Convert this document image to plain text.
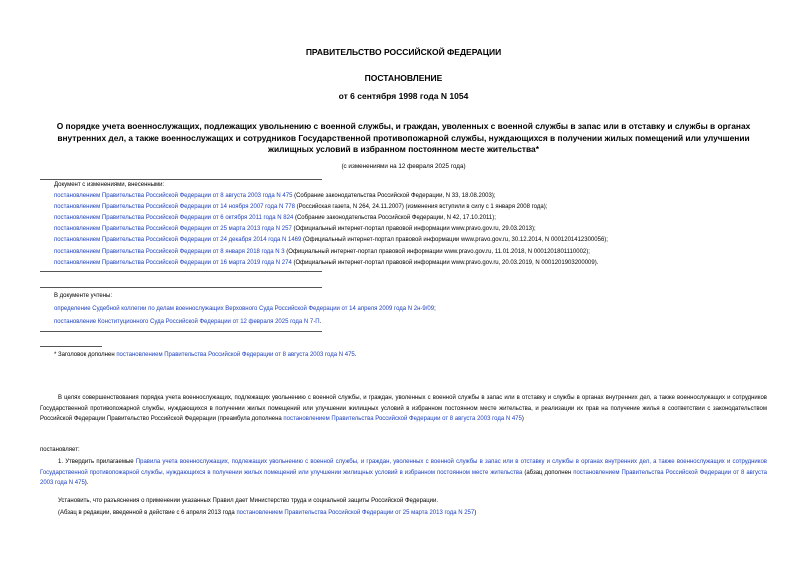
ПРАВИТЕЛЬСТВО РОССИЙСКОЙ ФЕДЕРАЦИИ
ПОСТАНОВЛЕНИЕ
от 6 сентября 1998 года N 1054
О порядке учета военнослужащих, подлежащих увольнению с военной службы, и граждан, уволенных с военной службы в запас или в отставку и службы в органах внутренних дел, а также военнослужащих и сотрудников Государственной противопожарной службы, нуждающихся в получении жилых помещений или улучшении жилищных условий в избранном постоянном месте жительства*
(с изменениями на 12 февраля 2025 года)
Документ с изменениями, внесенными:
постановлением Правительства Российской Федерации от 8 августа 2003 года N 475 (Собрание законодательства Российской Федерации, N 33, 18.08.2003);
постановлением Правительства Российской Федерации от 14 ноября 2007 года N 778 (Российская газета, N 264, 24.11.2007) (изменения вступили в силу с 1 января 2008 года);
постановлением Правительства Российской Федерации от 6 октября 2011 года N 824 (Собрание законодательства Российской Федерации, N 42, 17.10.2011);
постановлением Правительства Российской Федерации от 25 марта 2013 года N 257 (Официальный интернет-портал правовой информации www.pravo.gov.ru, 29.03.2013);
постановлением Правительства Российской Федерации от 24 декабря 2014 года N 1469 (Официальный интернет-портал правовой информации www.pravo.gov.ru, 30.12.2014, N 0001201412300056);
постановлением Правительства Российской Федерации от 8 января 2018 года N 3 (Официальный интернет-портал правовой информации www.pravo.gov.ru, 11.01.2018, N 0001201801110002);
постановлением Правительства Российской Федерации от 16 марта 2019 года N 274 (Официальный интернет-портал правовой информации www.pravo.gov.ru, 20.03.2019, N 0001201903200009).
В документе учтены:
определение Судебной коллегии по делам военнослужащих Верховного Суда Российской Федерации от 14 апреля 2009 года N 2н-9/09;
постановление Конституционного Суда Российской Федерации от 12 февраля 2025 года N 7-П.
* Заголовок дополнен постановлением Правительства Российской Федерации от 8 августа 2003 года N 475.
В целях совершенствования порядка учета военнослужащих, подлежащих увольнению с военной службы, и граждан, уволенных с военной службы в запас или в отставку и службы в органах внутренних дел, а также военнослужащих и сотрудников Государственной противопожарной службы, нуждающихся в получении жилых помещений или улучшении жилищных условий в избранном постоянном месте жительства, и реализации их прав на получение жилья в соответствии с законодательством Российской Федерации Правительство Российской Федерации (преамбула дополнена постановлением Правительства Российской Федерации от 8 августа 2003 года N 475)
постановляет:
1. Утвердить прилагаемые Правила учета военнослужащих, подлежащих увольнению с военной службы, и граждан, уволенных с военной службы в запас или в отставку и службы в органах внутренних дел, а также военнослужащих и сотрудников Государственной противопожарной службы, нуждающихся в получении жилых помещений или улучшении жилищных условий в избранном постоянном месте жительства (абзац дополнен постановлением Правительства Российской Федерации от 8 августа 2003 года N 475).
Установить, что разъяснения о применении указанных Правил дает Министерство труда и социальной защиты Российской Федерации.
(Абзац в редакции, введенной в действие с 6 апреля 2013 года постановлением Правительства Российской Федерации от 25 марта 2013 года N 257)
